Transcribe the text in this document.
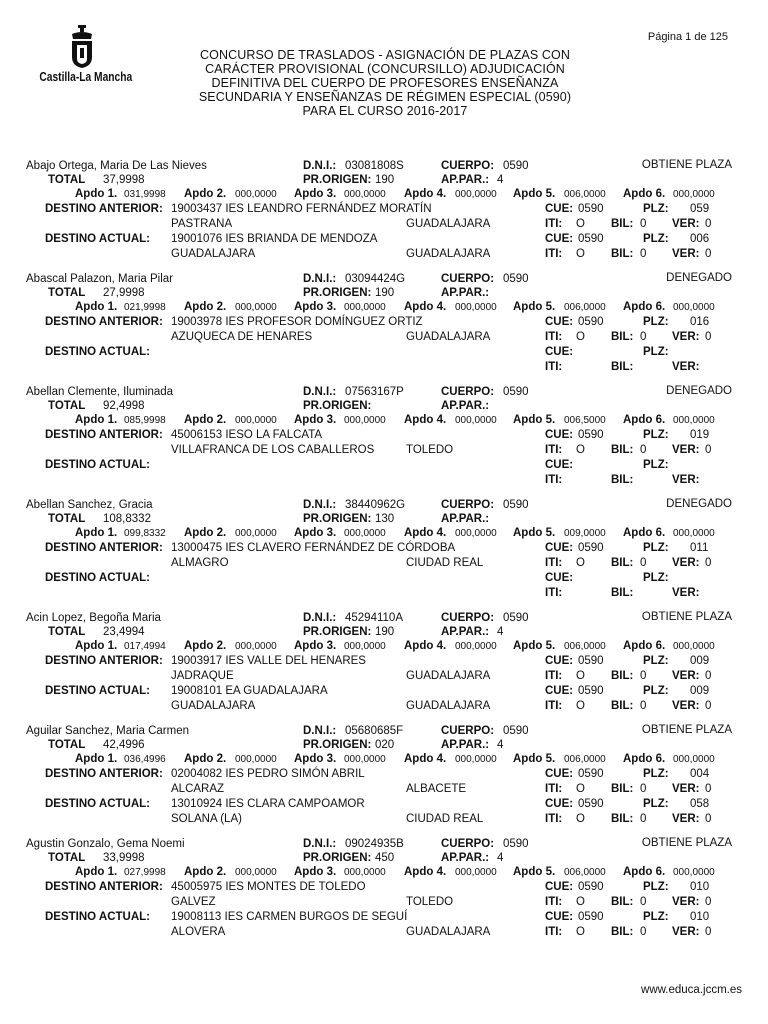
Página 1 de 125
Castilla-La Mancha
CONCURSO DE TRASLADOS - ASIGNACIÓN DE PLAZAS CON
CARÁCTER PROVISIONAL (CONCURSILLO) ADJUDICACIÓN
DEFINITIVA DEL CUERPO DE PROFESORES ENSEÑANZA
SECUNDARIA Y ENSEÑANZAS DE RÉGIMEN ESPECIAL (0590)
PARA EL CURSO 2016-2017
Abajo Ortega, Maria De Las Nieves	D.N.I.: 03081808S	CUERPO: 0590	OBTIENE PLAZA
TOTAL 37,9998	PR.ORIGEN: 190	AP.PAR.: 4
Apdo 1. 031,9998 Apdo 2. 000,0000 Apdo 3. 000,0000 Apdo 4. 000,0000 Apdo 5. 006,0000 Apdo 6. 000,0000
DESTINO ANTERIOR: 19003437 IES LEANDRO FERNÁNDEZ MORATÍN	CUE: 0590	PLZ: 059
PASTRANA	GUADALAJARA	ITI: O BIL: 0 VER: 0
DESTINO ACTUAL: 19001076 IES BRIANDA DE MENDOZA	CUE: 0590	PLZ: 006
GUADALAJARA	GUADALAJARA	ITI: O BIL: 0 VER: 0
Abascal Palazon, Maria Pilar	D.N.I.: 03094424G	CUERPO: 0590	DENEGADO
TOTAL 27,9998	PR.ORIGEN: 190	AP.PAR.:
Apdo 1. 021,9998 Apdo 2. 000,0000 Apdo 3. 000,0000 Apdo 4. 000,0000 Apdo 5. 006,0000 Apdo 6. 000,0000
DESTINO ANTERIOR: 19003978 IES PROFESOR DOMÍNGUEZ ORTIZ	CUE: 0590	PLZ: 016
AZUQUECA DE HENARES	GUADALAJARA	ITI: O BIL: 0 VER: 0
DESTINO ACTUAL:	CUE:	PLZ:
ITI:	BIL:	VER:
Abellan Clemente, Iluminada	D.N.I.: 07563167P	CUERPO: 0590	DENEGADO
TOTAL 92,4998	PR.ORIGEN:	AP.PAR.:
Apdo 1. 085,9998 Apdo 2. 000,0000 Apdo 3. 000,0000 Apdo 4. 000,0000 Apdo 5. 006,5000 Apdo 6. 000,0000
DESTINO ANTERIOR: 45006153 IESO LA FALCATA	CUE: 0590	PLZ: 019
VILLAFRANCA DE LOS CABALLEROS	TOLEDO	ITI: O BIL: 0 VER: 0
DESTINO ACTUAL:	CUE:	PLZ:
ITI:	BIL:	VER:
Abellan Sanchez, Gracia	D.N.I.: 38440962G	CUERPO: 0590	DENEGADO
TOTAL 108,8332	PR.ORIGEN: 130	AP.PAR.:
Apdo 1. 099,8332 Apdo 2. 000,0000 Apdo 3. 000,0000 Apdo 4. 000,0000 Apdo 5. 009,0000 Apdo 6. 000,0000
DESTINO ANTERIOR: 13000475 IES CLAVERO FERNÁNDEZ DE CÓRDOBA	CUE: 0590	PLZ: 011
ALMAGRO	CIUDAD REAL	ITI: O BIL: 0 VER: 0
DESTINO ACTUAL:	CUE:	PLZ:
ITI:	BIL:	VER:
Acin Lopez, Begoña Maria	D.N.I.: 45294110A	CUERPO: 0590	OBTIENE PLAZA
TOTAL 23,4994	PR.ORIGEN: 190	AP.PAR.: 4
Apdo 1. 017,4994 Apdo 2. 000,0000 Apdo 3. 000,0000 Apdo 4. 000,0000 Apdo 5. 006,0000 Apdo 6. 000,0000
DESTINO ANTERIOR: 19003917 IES VALLE DEL HENARES	CUE: 0590	PLZ: 009
JADRAQUE	GUADALAJARA	ITI: O BIL: 0 VER: 0
DESTINO ACTUAL: 19008101 EA GUADALAJARA	CUE: 0590	PLZ: 009
GUADALAJARA	GUADALAJARA	ITI: O BIL: 0 VER: 0
Aguilar Sanchez, Maria Carmen	D.N.I.: 05680685F	CUERPO: 0590	OBTIENE PLAZA
TOTAL 42,4996	PR.ORIGEN: 020	AP.PAR.: 4
Apdo 1. 036,4996 Apdo 2. 000,0000 Apdo 3. 000,0000 Apdo 4. 000,0000 Apdo 5. 006,0000 Apdo 6. 000,0000
DESTINO ANTERIOR: 02004082 IES PEDRO SIMÓN ABRIL	CUE: 0590	PLZ: 004
ALCARAZ	ALBACETE	ITI: O BIL: 0 VER: 0
DESTINO ACTUAL: 13010924 IES CLARA CAMPOAMOR	CUE: 0590	PLZ: 058
SOLANA (LA)	CIUDAD REAL	ITI: O BIL: 0 VER: 0
Agustin Gonzalo, Gema Noemi	D.N.I.: 09024935B	CUERPO: 0590	OBTIENE PLAZA
TOTAL 33,9998	PR.ORIGEN: 450	AP.PAR.: 4
Apdo 1. 027,9998 Apdo 2. 000,0000 Apdo 3. 000,0000 Apdo 4. 000,0000 Apdo 5. 006,0000 Apdo 6. 000,0000
DESTINO ANTERIOR: 45005975 IES MONTES DE TOLEDO	CUE: 0590	PLZ: 010
GALVEZ	TOLEDO	ITI: O BIL: 0 VER: 0
DESTINO ACTUAL: 19008113 IES CARMEN BURGOS DE SEGUÍ	CUE: 0590	PLZ: 010
ALOVERA	GUADALAJARA	ITI: O BIL: 0 VER: 0
www.educa.jccm.es
